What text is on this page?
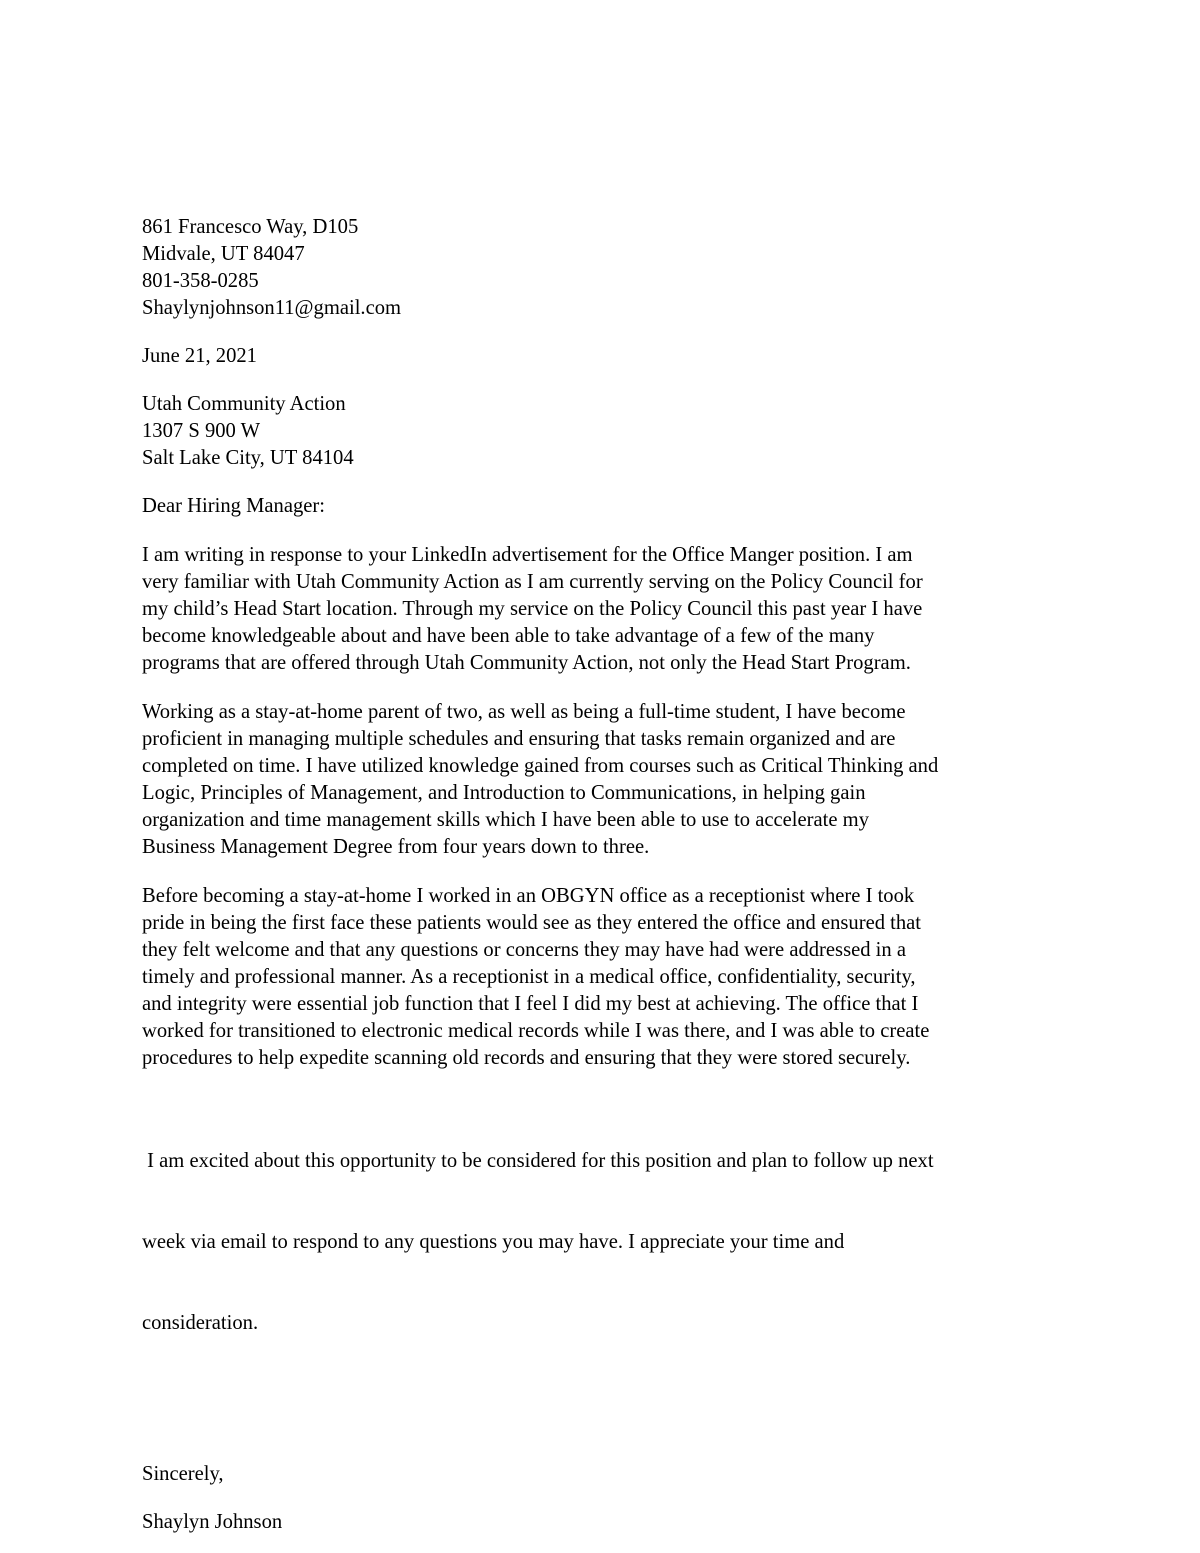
861 Francesco Way, D105
Midvale, UT 84047
801-358-0285
Shaylynjohnson11@gmail.com
June 21, 2021
Utah Community Action
1307 S 900 W
Salt Lake City, UT 84104
Dear Hiring Manager:
I am writing in response to your LinkedIn advertisement for the Office Manger position. I am
very familiar with Utah Community Action as I am currently serving on the Policy Council for
my child’s Head Start location. Through my service on the Policy Council this past year I have
become knowledgeable about and have been able to take advantage of a few of the many
programs that are offered through Utah Community Action, not only the Head Start Program.
Working as a stay-at-home parent of two, as well as being a full-time student, I have become
proficient in managing multiple schedules and ensuring that tasks remain organized and are
completed on time. I have utilized knowledge gained from courses such as Critical Thinking and
Logic, Principles of Management, and Introduction to Communications, in helping gain
organization and time management skills which I have been able to use to accelerate my
Business Management Degree from four years down to three.
Before becoming a stay-at-home I worked in an OBGYN office as a receptionist where I took
pride in being the first face these patients would see as they entered the office and ensured that
they felt welcome and that any questions or concerns they may have had were addressed in a
timely and professional manner. As a receptionist in a medical office, confidentiality, security,
and integrity were essential job function that I feel I did my best at achieving. The office that I
worked for transitioned to electronic medical records while I was there, and I was able to create
procedures to help expedite scanning old records and ensuring that they were stored securely.

I am excited about this opportunity to be considered for this position and plan to follow up next

week via email to respond to any questions you may have. I appreciate your time and

consideration.

Sincerely,
Shaylyn Johnson
